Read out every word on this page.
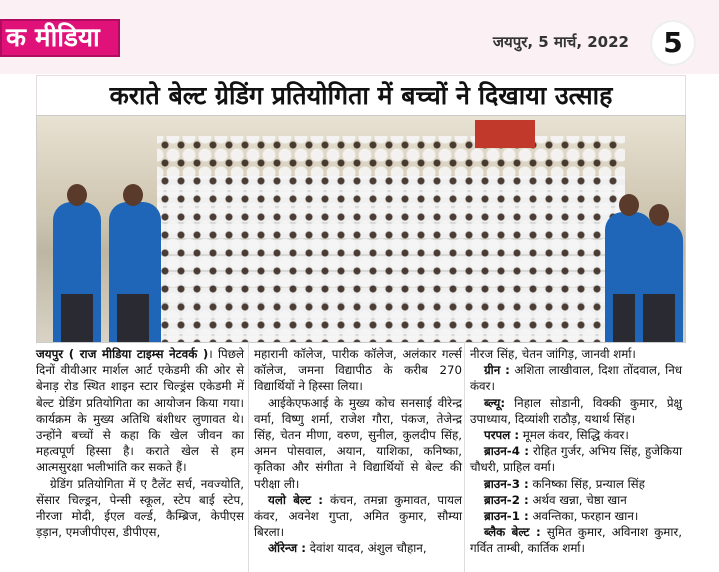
क मीडिया	जयपुर, 5 मार्च, 2022	5
कराते बेल्ट ग्रेडिंग प्रतियोगिता में बच्चों ने दिखाया उत्साह

जयपुर ( राज मीडिया टाइम्स नेटवर्क )। पिछले दिनों वीवीआर मार्शल आर्ट एकेडमी की ओर से बेनाड़ रोड स्थित शाइन स्टार चिल्ड्रंस एकेडमी में बेल्ट ग्रेडिंग प्रतियोगिता का आयोजन किया गया। कार्यक्रम के मुख्य अतिथि बंशीधर लुणावत थे। उन्होंने बच्चों से कहा कि खेल जीवन का महत्वपूर्ण हिस्सा है। कराते खेल से हम आत्मसुरक्षा भलीभांति कर सकते हैं।

ग्रेडिंग प्रतियोगिता में ए टैलेंट सर्च, नवज्योति, सेंसार चिल्ड्रन, पेन्सी स्कूल, स्टेप बाई स्टेप, नीरजा मोदी, ईएल वर्ल्ड, कैम्ब्रिज, केपीएस ड़ड़ान, एमजीपीएस, डीपीएस,

महारानी कॉलेज, पारीक कॉलेज, अलंकार गर्ल्स कॉलेज, जमना विद्यापीठ के करीब 270 विद्यार्थियों ने हिस्सा लिया।

आईकेएफआई के मुख्य कोच सनसाई वीरेन्द्र वर्मा, विष्णु शर्मा, राजेश गौरा, पंकज, तेजेन्द्र सिंह, चेतन मीणा, वरुण, सुनील, कुलदीप सिंह, अमन पोसवाल, अयान, याशिका, कनिष्का, कृतिका और संगीता ने विद्यार्थियों से बेल्ट की परीक्षा ली।

यलो बेल्ट : कंचन, तमन्ना कुमावत, पायल कंवर, अवनेश गुप्ता, अमित कुमार, सौम्या बिरला।

ऑरेन्ज : देवांश यादव, अंशुल चौहान,

नीरज सिंह, चेतन जांगिड़, जानवी शर्मा।

ग्रीन : अशिता लाखीवाल, दिशा तोंदवाल, निध कंवर।

ब्ल्यू: निहाल सोडानी, विक्की कुमार, प्रेक्षु उपाध्याय, दिव्यांशी राठौड़, यथार्थ सिंह।

परपल : मूमल कंवर, सिद्धि कंवर।

ब्राउन-4 : रोहित गुर्जर, अभिय सिंह, हुजेकिया चौधरी, प्राहिल वर्मा।

ब्राउन-3 : कनिष्का सिंह, प्रन्याल सिंह

ब्राउन-2 : अर्थव खन्ना, चेष्ठा खान

ब्राउन-1 : अवन्तिका, फरहान खान।

ब्लैक बेल्ट : सुमित कुमार, अविनाश कुमार, गर्वित ताम्बी, कार्तिक शर्मा।
